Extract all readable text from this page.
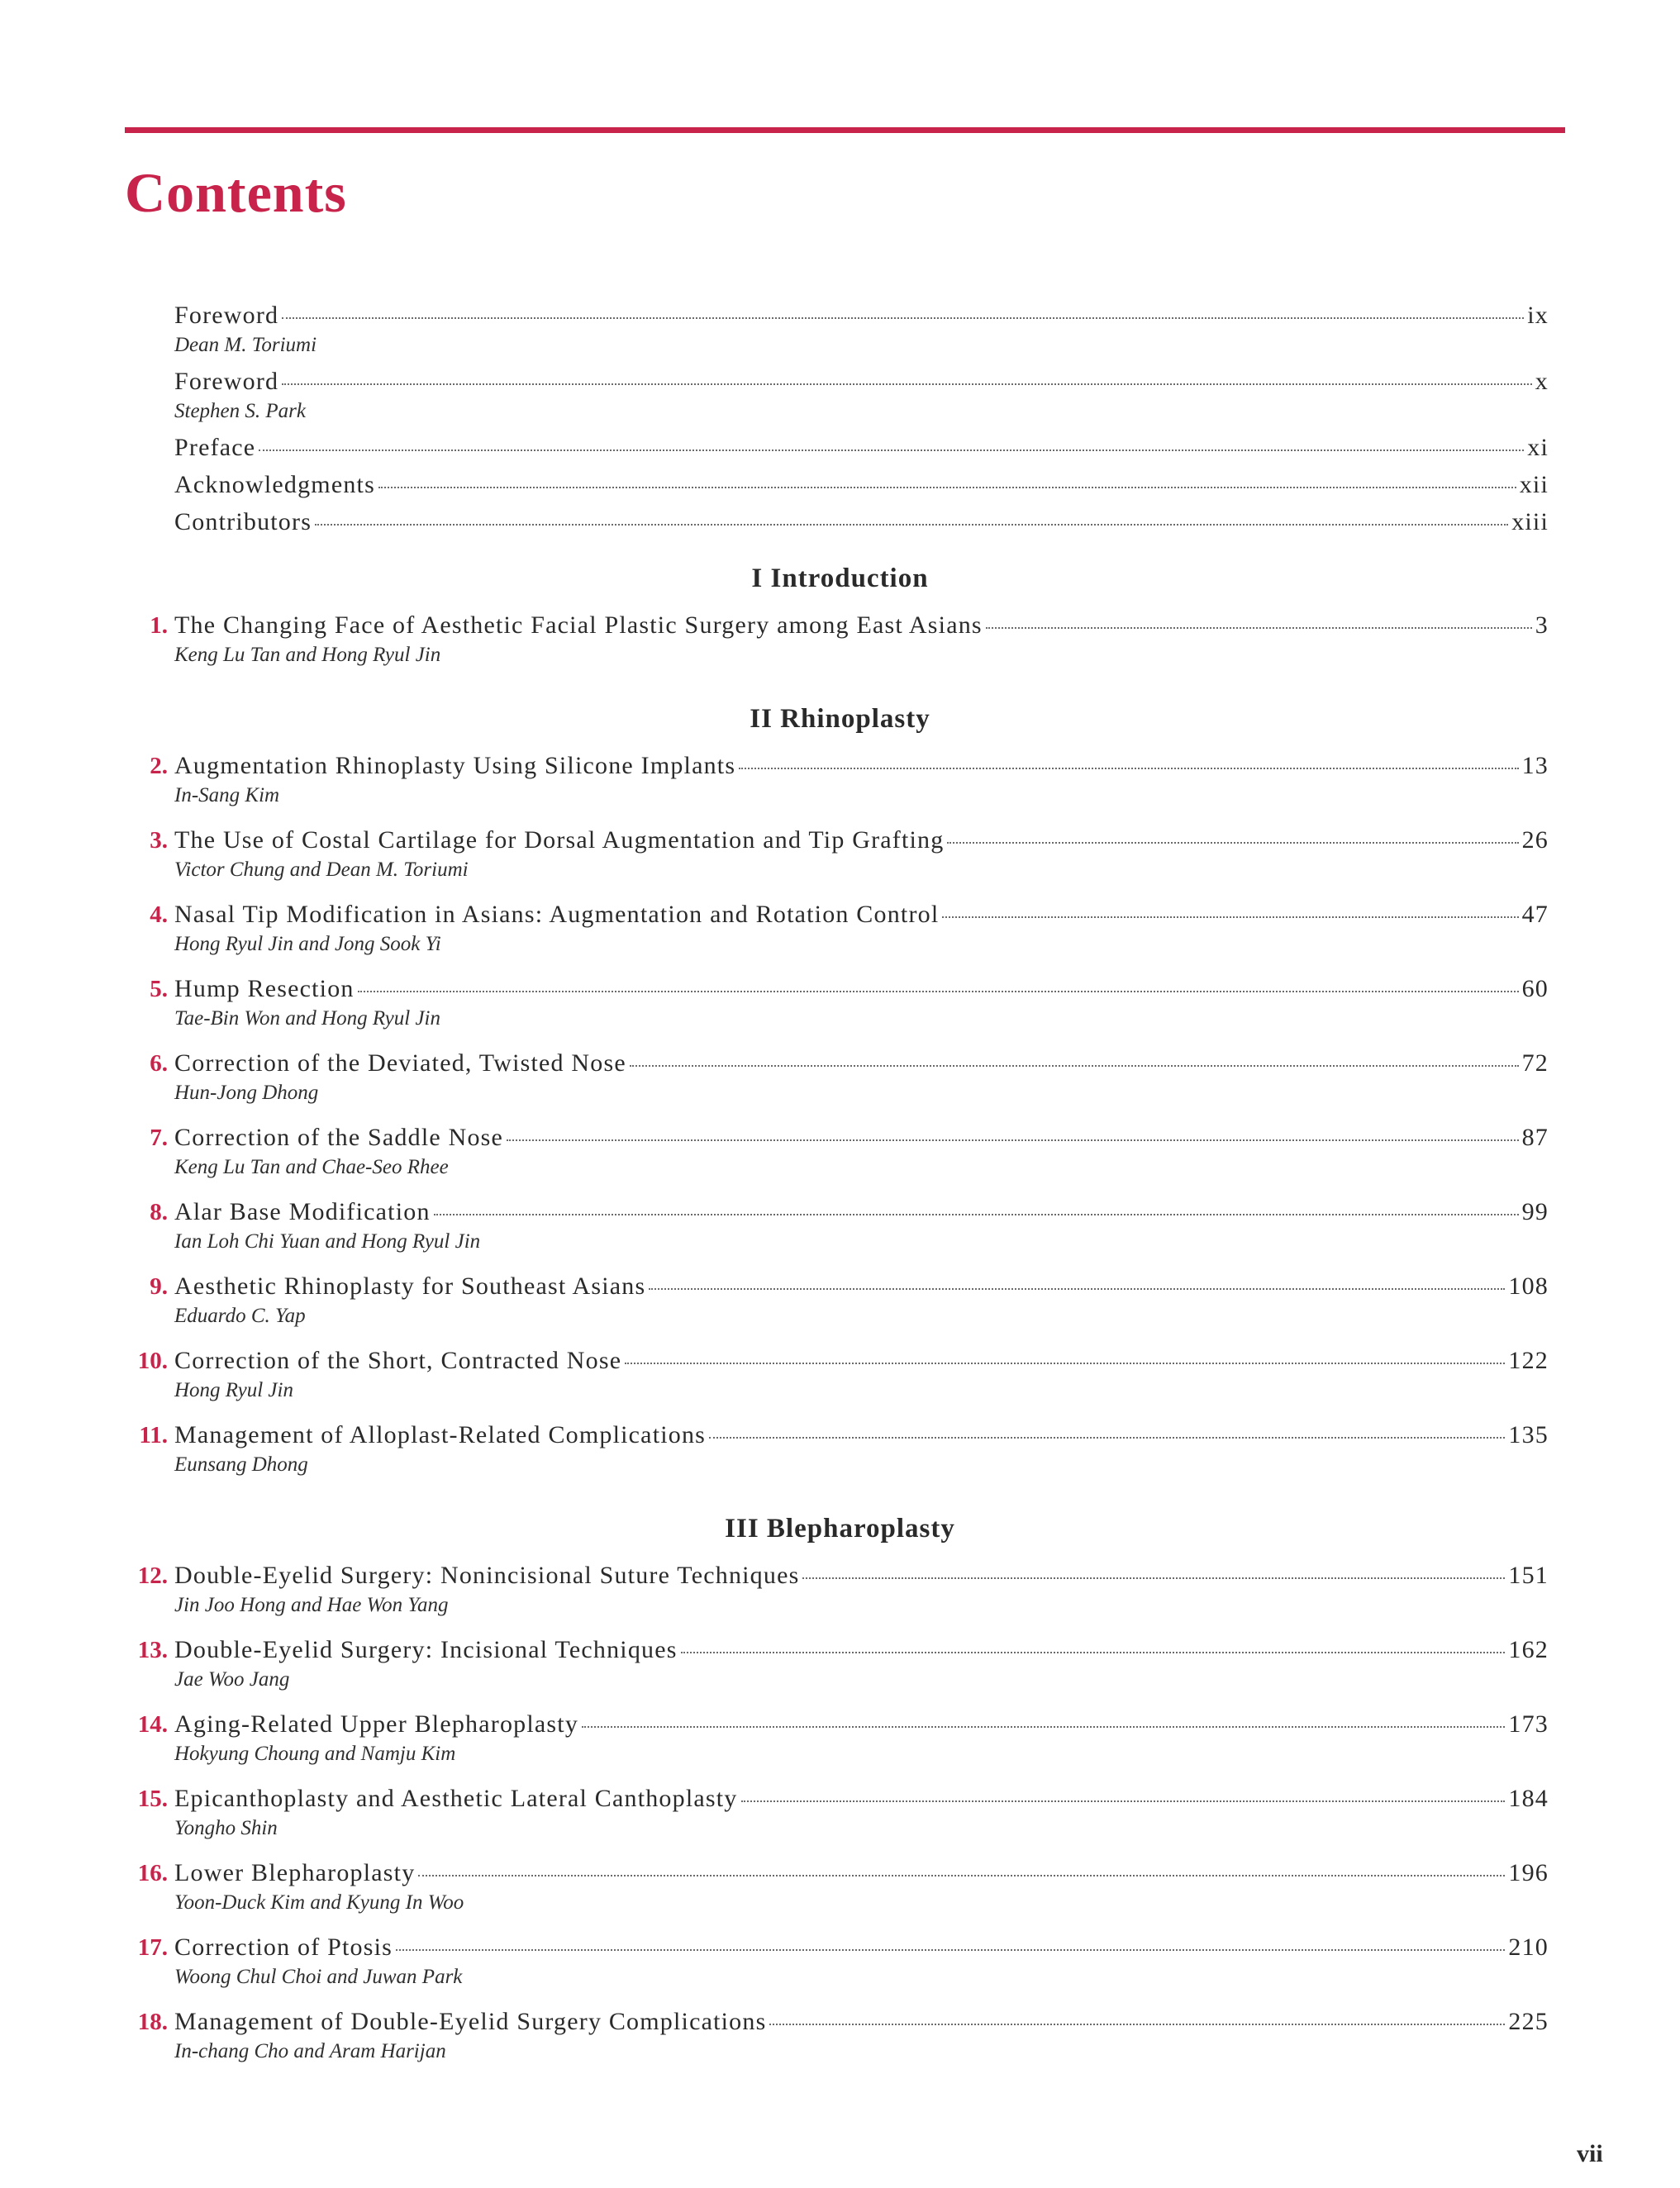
Contents
Foreword	ix
Dean M. Toriumi
Foreword	x
Stephen S. Park
Preface	xi
Acknowledgments	xii
Contributors	xiii
I Introduction
1. The Changing Face of Aesthetic Facial Plastic Surgery among East Asians	3
Keng Lu Tan and Hong Ryul Jin
II Rhinoplasty
2. Augmentation Rhinoplasty Using Silicone Implants	13
In-Sang Kim
3. The Use of Costal Cartilage for Dorsal Augmentation and Tip Grafting	26
Victor Chung and Dean M. Toriumi
4. Nasal Tip Modification in Asians: Augmentation and Rotation Control	47
Hong Ryul Jin and Jong Sook Yi
5. Hump Resection	60
Tae-Bin Won and Hong Ryul Jin
6. Correction of the Deviated, Twisted Nose	72
Hun-Jong Dhong
7. Correction of the Saddle Nose	87
Keng Lu Tan and Chae-Seo Rhee
8. Alar Base Modification	99
Ian Loh Chi Yuan and Hong Ryul Jin
9. Aesthetic Rhinoplasty for Southeast Asians	108
Eduardo C. Yap
10. Correction of the Short, Contracted Nose	122
Hong Ryul Jin
11. Management of Alloplast-Related Complications	135
Eunsang Dhong
III Blepharoplasty
12. Double-Eyelid Surgery: Nonincisional Suture Techniques	151
Jin Joo Hong and Hae Won Yang
13. Double-Eyelid Surgery: Incisional Techniques	162
Jae Woo Jang
14. Aging-Related Upper Blepharoplasty	173
Hokyung Choung and Namju Kim
15. Epicanthoplasty and Aesthetic Lateral Canthoplasty	184
Yongho Shin
16. Lower Blepharoplasty	196
Yoon-Duck Kim and Kyung In Woo
17. Correction of Ptosis	210
Woong Chul Choi and Juwan Park
18. Management of Double-Eyelid Surgery Complications	225
In-chang Cho and Aram Harijan
vii
